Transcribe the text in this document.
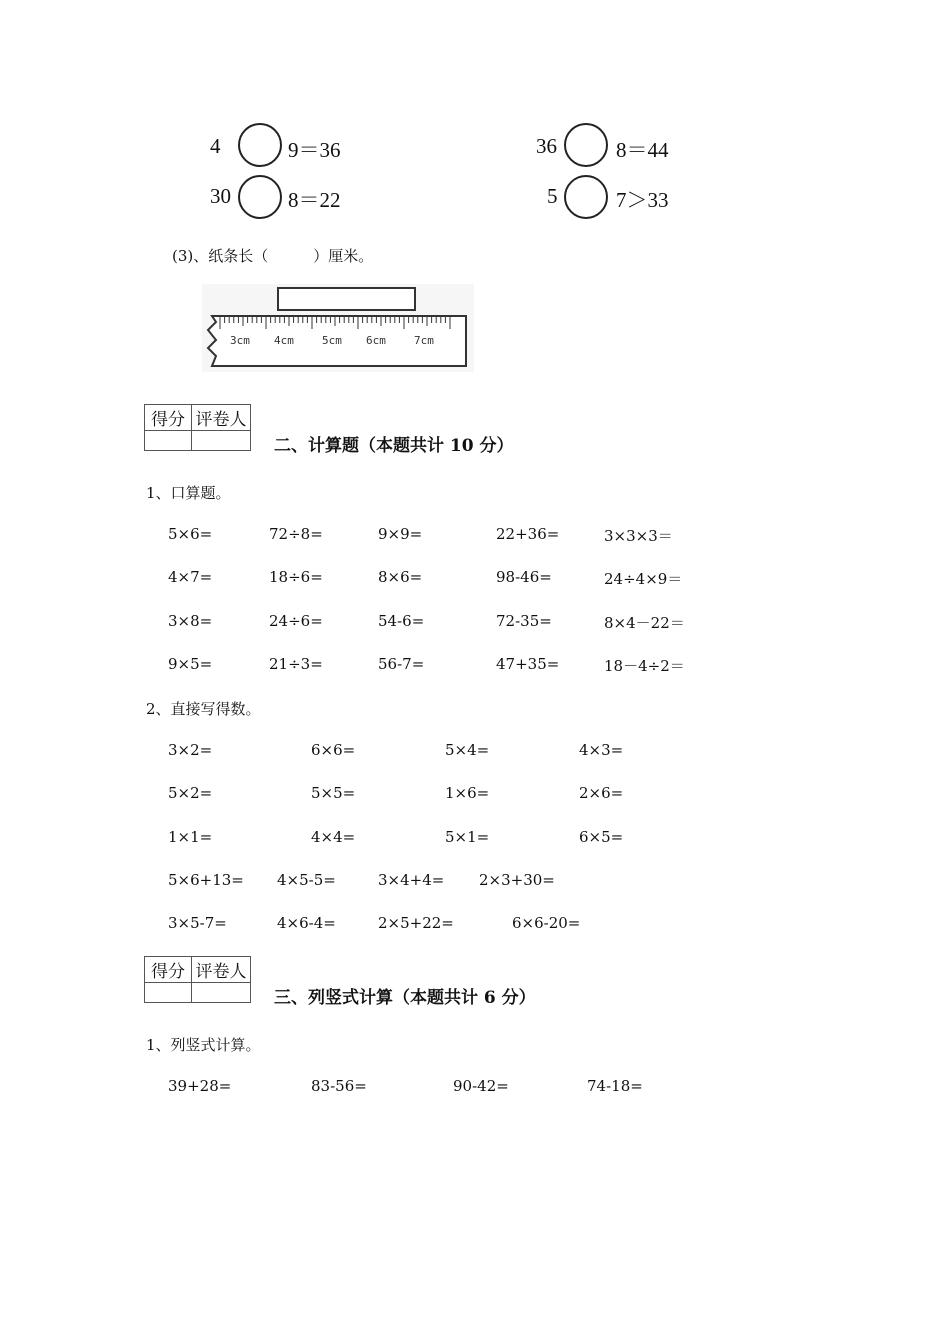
4	9＝36
30	8＝22
36	8＝44
5	7＞33
(3)、纸条长（　　　）厘米。
3cm 4cm	5cm 6cm	7cm
得分	评卷人

二、计算题（本题共计 10 分）
1、口算题。
5×6=	72÷8=	9×9=	22+36=	3×3×3＝
4×7=	18÷6=	8×6=	98-46=	24÷4×9＝
3×8=	24÷6=	54-6=	72-35=	8×4－22＝
9×5=	21÷3=	56-7=	47+35=	18－4÷2＝
2、直接写得数。
3×2=	6×6=	5×4=	4×3=
5×2=	5×5=	1×6=	2×6=
1×1=	4×4=	5×1=	6×5=
5×6+13= 4×5-5=	3×4+4= 2×3+30=
3×5-7=	4×6-4=	2×5+22=	6×6-20=
得分	评卷人

三、列竖式计算（本题共计 6 分）
1、列竖式计算。
39+28=	83-56=	90-42=	74-18=
